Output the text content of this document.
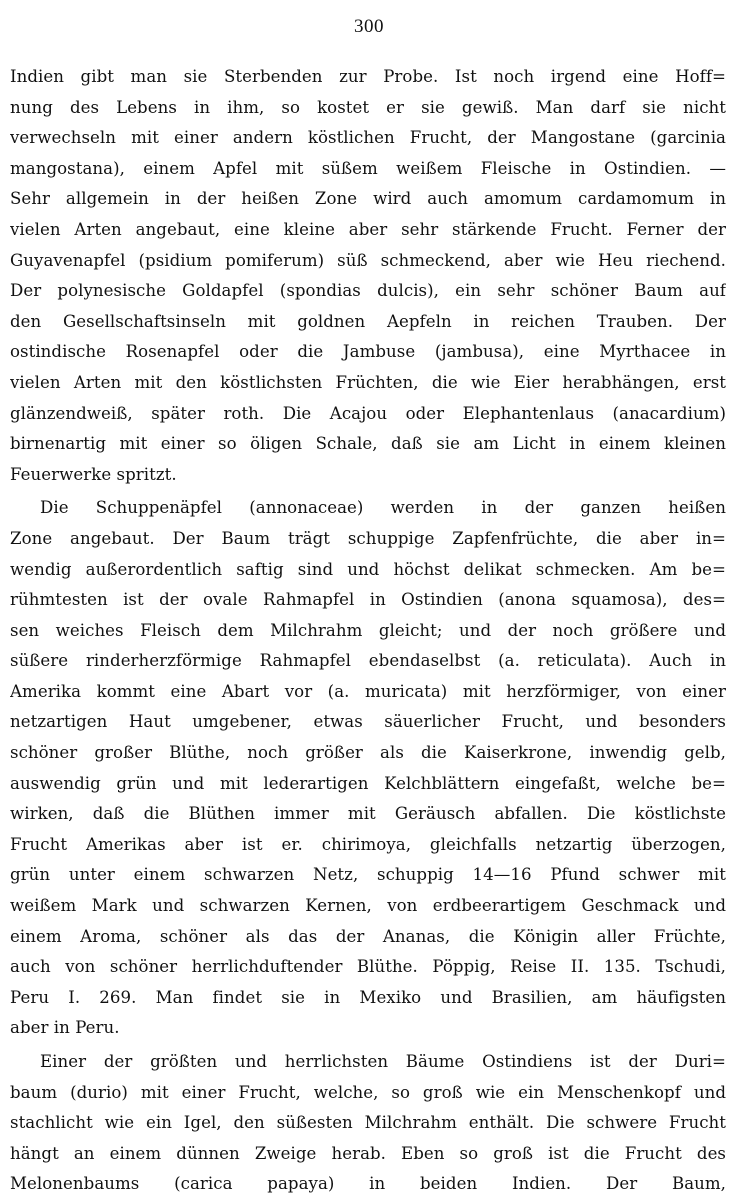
300
Indien gibt man sie Sterbenden zur Probe. Ist noch irgend eine Hoff=
nung des Lebens in ihm, so kostet er sie gewiß. Man darf sie nicht
verwechseln mit einer andern köstlichen Frucht, der Mangostane (garcinia
mangostana), einem Apfel mit süßem weißem Fleische in Ostindien. —
Sehr allgemein in der heißen Zone wird auch amomum cardamomum in
vielen Arten angebaut, eine kleine aber sehr stärkende Frucht. Ferner der
Guyavenapfel (psidium pomiferum) süß schmeckend, aber wie Heu riechend.
Der polynesische Goldapfel (spondias dulcis), ein sehr schöner Baum auf
den Gesellschaftsinseln mit goldnen Aepfeln in reichen Trauben. Der
ostindische Rosenapfel oder die Jambuse (jambusa), eine Myrthacee in
vielen Arten mit den köstlichsten Früchten, die wie Eier herabhängen, erst
glänzendweiß, später roth. Die Acajou oder Elephantenlaus (anacardium)
birnenartig mit einer so öligen Schale, daß sie am Licht in einem kleinen
Feuerwerke spritzt.
Die Schuppenäpfel (annonaceae) werden in der ganzen heißen
Zone angebaut. Der Baum trägt schuppige Zapfenfrüchte, die aber in=
wendig außerordentlich saftig sind und höchst delikat schmecken. Am be=
rühmtesten ist der ovale Rahmapfel in Ostindien (anona squamosa), des=
sen weiches Fleisch dem Milchrahm gleicht; und der noch größere und
süßere rinderherzförmige Rahmapfel ebendaselbst (a. reticulata). Auch in
Amerika kommt eine Abart vor (a. muricata) mit herzförmiger, von einer
netzartigen Haut umgebener, etwas säuerlicher Frucht, und besonders
schöner großer Blüthe, noch größer als die Kaiserkrone, inwendig gelb,
auswendig grün und mit lederartigen Kelchblättern eingefaßt, welche be=
wirken, daß die Blüthen immer mit Geräusch abfallen. Die köstlichste
Frucht Amerikas aber ist er. chirimoya, gleichfalls netzartig überzogen,
grün unter einem schwarzen Netz, schuppig 14—16 Pfund schwer mit
weißem Mark und schwarzen Kernen, von erdbeerartigem Geschmack und
einem Aroma, schöner als das der Ananas, die Königin aller Früchte,
auch von schöner herrlichduftender Blüthe. Pöppig, Reise II. 135. Tschudi,
Peru I. 269. Man findet sie in Mexiko und Brasilien, am häufigsten
aber in Peru.
Einer der größten und herrlichsten Bäume Ostindiens ist der Duri=
baum (durio) mit einer Frucht, welche, so groß wie ein Menschenkopf und
stachlicht wie ein Igel, den süßesten Milchrahm enthält. Die schwere Frucht
hängt an einem dünnen Zweige herab. Eben so groß ist die Frucht des
Melonenbaums (carica papaya) in beiden Indien. Der Baum,
